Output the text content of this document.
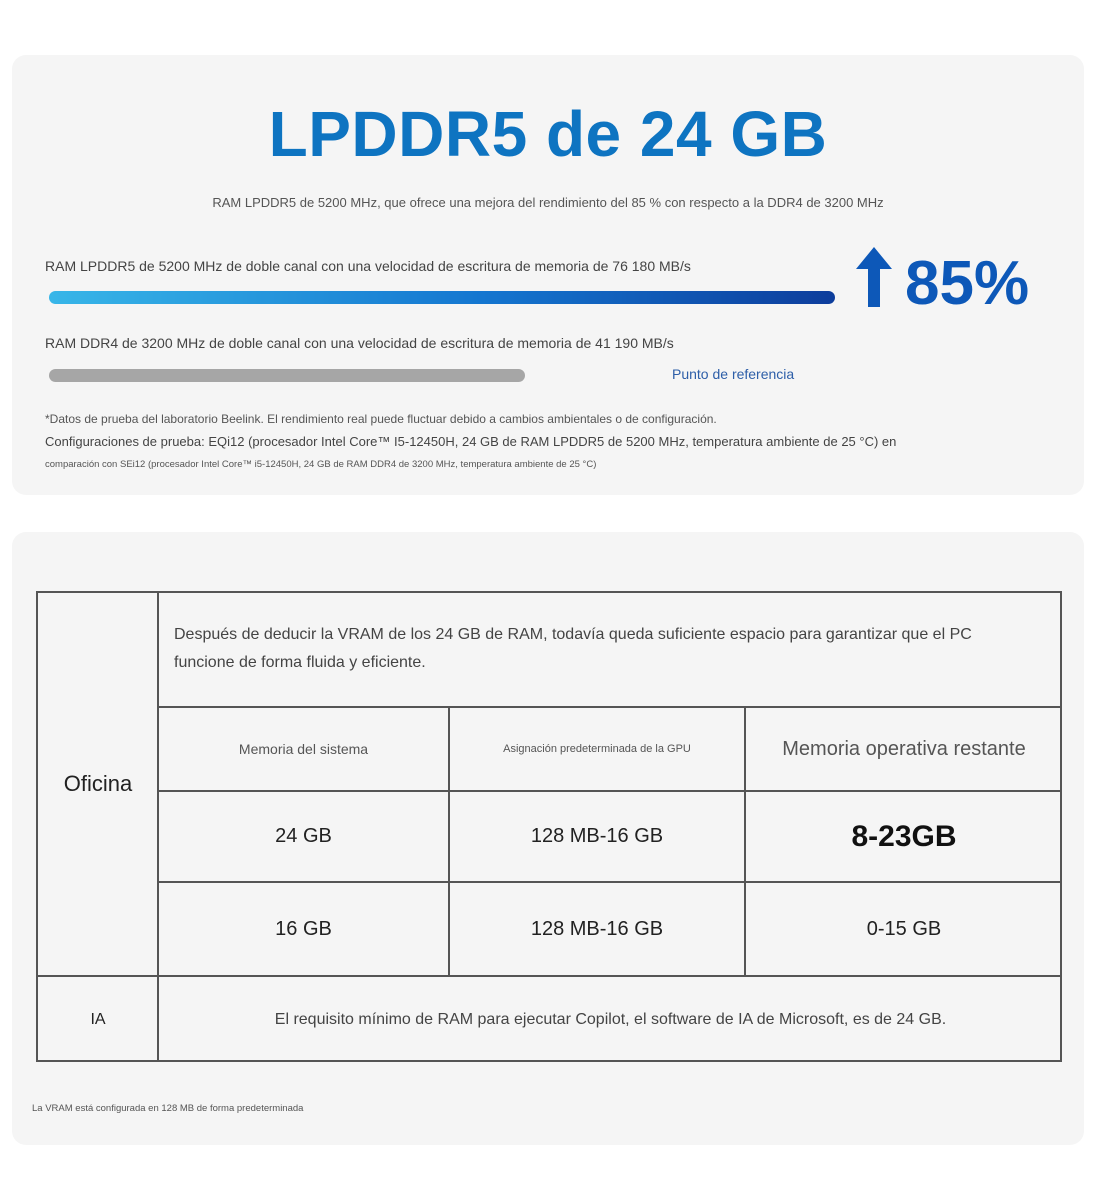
LPDDR5 de 24 GB
RAM LPDDR5 de 5200 MHz, que ofrece una mejora del rendimiento del 85 % con respecto a la DDR4 de 3200 MHz
RAM LPDDR5 de 5200 MHz de doble canal con una velocidad de escritura de memoria de 76 180 MB/s	85%
RAM DDR4 de 3200 MHz de doble canal con una velocidad de escritura de memoria de 41 190 MB/s
Punto de referencia
*Datos de prueba del laboratorio Beelink. El rendimiento real puede fluctuar debido a cambios ambientales o de configuración.
Configuraciones de prueba: EQi12 (procesador Intel Core™ I5-12450H, 24 GB de RAM LPDDR5 de 5200 MHz, temperatura ambiente de 25 °C) en
comparación con SEi12 (procesador Intel Core™ i5-12450H, 24 GB de RAM DDR4 de 3200 MHz, temperatura ambiente de 25 °C)
Oficina
Después de deducir la VRAM de los 24 GB de RAM, todavía queda suficiente espacio para garantizar que el PC funcione de forma fluida y eficiente.
Memoria del sistema	Asignación predeterminada de la GPU	Memoria operativa restante
24 GB	128 MB-16 GB	8-23GB
16 GB	128 MB-16 GB	0-15 GB
IA	El requisito mínimo de RAM para ejecutar Copilot, el software de IA de Microsoft, es de 24 GB.
La VRAM está configurada en 128 MB de forma predeterminada
